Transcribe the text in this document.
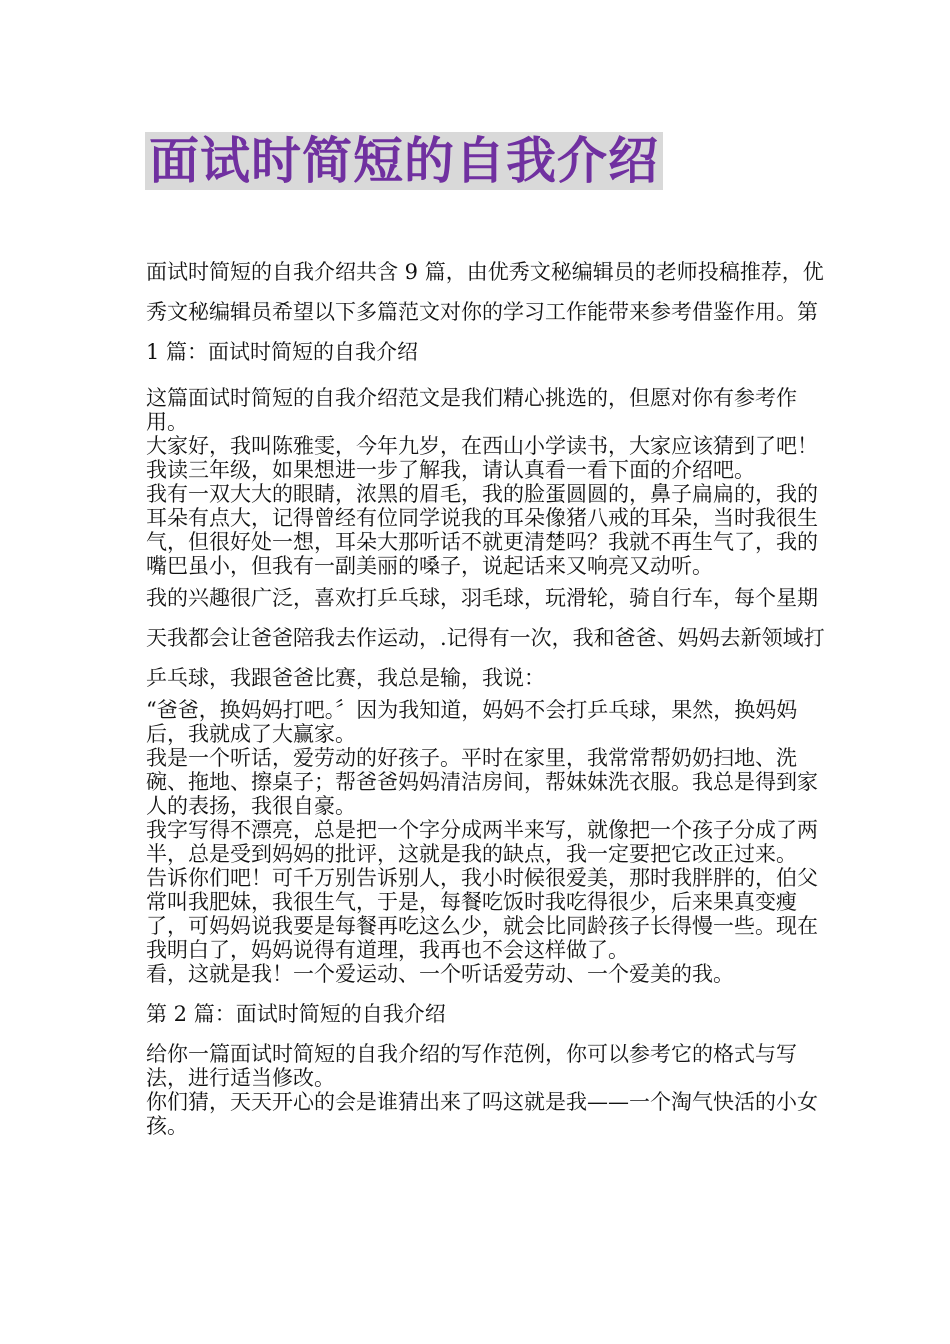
面试时简短的自我介绍

面试时简短的自我介绍共含 9 篇，由优秀文秘编辑员的老师投稿推荐，优秀文秘编辑员希望以下多篇范文对你的学习工作能带来参考借鉴作用。第 1 篇：面试时简短的自我介绍

这篇面试时简短的自我介绍范文是我们精心挑选的，但愿对你有参考作用。

大家好，我叫陈雅雯，今年九岁，在西山小学读书，大家应该猜到了吧！我读三年级，如果想进一步了解我，请认真看一看下面的介绍吧。

我有一双大大的眼睛，浓黑的眉毛，我的脸蛋圆圆的，鼻子扁扁的，我的耳朵有点大，记得曾经有位同学说我的耳朵像猪八戒的耳朵，当时我很生气，但很好处一想，耳朵大那听话不就更清楚吗？我就不再生气了，我的嘴巴虽小，但我有一副美丽的嗓子，说起话来又响亮又动听。

我的兴趣很广泛，喜欢打乒乓球，羽毛球，玩滑轮，骑自行车，每个星期天我都会让爸爸陪我去作运动，.记得有一次，我和爸爸、妈妈去新领域打乒乓球，我跟爸爸比赛，我总是输，我说：

“爸爸，换妈妈打吧。〞因为我知道，妈妈不会打乒乓球，果然，换妈妈后，我就成了大赢家。

我是一个听话，爱劳动的好孩子。平时在家里，我常常帮奶奶扫地、洗碗、拖地、擦桌子；帮爸爸妈妈清洁房间，帮妹妹洗衣服。我总是得到家人的表扬，我很自豪。

我字写得不漂亮，总是把一个字分成两半来写，就像把一个孩子分成了两半，总是受到妈妈的批评，这就是我的缺点，我一定要把它改正过来。

告诉你们吧！可千万别告诉别人，我小时候很爱美，那时我胖胖的，伯父常叫我肥妹，我很生气，于是，每餐吃饭时我吃得很少，后来果真变瘦了，可妈妈说我要是每餐再吃这么少，就会比同龄孩子长得慢一些。现在我明白了，妈妈说得有道理，我再也不会这样做了。

看，这就是我！一个爱运动、一个听话爱劳动、一个爱美的我。

第 2 篇：面试时简短的自我介绍

给你一篇面试时简短的自我介绍的写作范例，你可以参考它的格式与写法，进行适当修改。

你们猜，天天开心的会是谁猜出来了吗这就是我——一个淘气快活的小女孩。
